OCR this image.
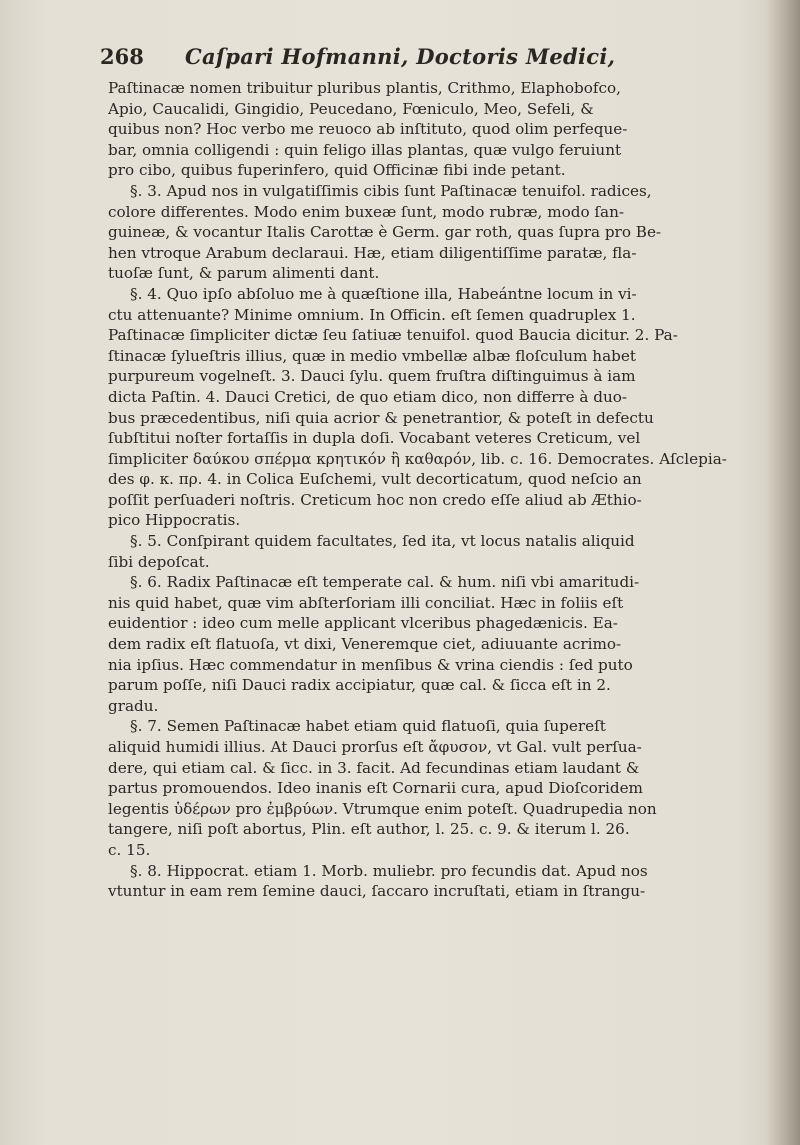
268 Caſpari Hofmanni, Doctoris Medici,
Paſtinacæ nomen tribuitur pluribus plantis, Crithmo, Elaphobofco,
Apio, Caucalidi, Gingidio, Peucedano, Fœniculo, Meo, Sefeli, &
quibus non? Hoc verbo me reuoco ab inſtituto, quod olim perfeque-
bar, omnia colligendi : quin feligo illas plantas, quæ vulgo feruiunt
pro cibo, quibus fuperinfero, quid Officinæ fibi inde petant.
§. 3. Apud nos in vulgatiſſimis cibis ſunt Paſtinacæ tenuifol. radices,
colore differentes. Modo enim buxeæ ſunt, modo rubræ, modo ſan-
guineæ, & vocantur Italis Carottæ è Germ. gar roth, quas ſupra pro Be-
hen vtroque Arabum declaraui. Hæ, etiam diligentiſſime paratæ, fla-
tuoſæ ſunt, & parum alimenti dant.
§. 4. Quo ipſo abſoluo me à quæſtione illa, Habeántne locum in vi-
ctu attenuante? Minime omnium. In Officin. eſt ſemen quadruplex 1.
Paſtinacæ ſimpliciter dictæ ſeu ſatiuæ tenuifol. quod Baucia dicitur. 2. Pa-
ſtinacæ ſylueſtris illius, quæ in medio vmbellæ albæ floſculum habet
purpureum vogelneſt. 3. Dauci ſylu. quem fruſtra diſtinguimus à iam
dicta Paſtin. 4. Dauci Cretici, de quo etiam dico, non differre à duo-
bus præcedentibus, niſi quia acrior & penetrantior, & poteſt in defectu
ſubſtitui noſter fortaſſis in dupla doſi. Vocabant veteres Creticum, vel
ſimpliciter δαύκου σπέρμα κρητικόν ἢ καθαρόν, lib. c. 16. Democrates. Aſclepia-
des φ. κ. πρ. 4. in Colica Euſchemi, vult decorticatum, quod neſcio an
poſſit perſuaderi noſtris. Creticum hoc non credo eſſe aliud ab Æthio-
pico Hippocratis.
§. 5. Conſpirant quidem facultates, ſed ita, vt locus natalis aliquid
ſibi depoſcat.
§. 6. Radix Paſtinacæ eſt temperate cal. & hum. niſi vbi amaritudi-
nis quid habet, quæ vim abſterſoriam illi conciliat. Hæc in foliis eſt
euidentior : ideo cum melle applicant vlceribus phagedænicis. Ea-
dem radix eſt flatuoſa, vt dixi, Veneremque ciet, adiuuante acrimo-
nia ipſius. Hæc commendatur in menſibus & vrina ciendis : ſed puto
parum poſſe, niſi Dauci radix accipiatur, quæ cal. & ſicca eſt in 2.
gradu.
§. 7. Semen Paſtinacæ habet etiam quid flatuoſi, quia ſupereſt
aliquid humidi illius. At Dauci prorſus eſt ἄφυσον, vt Gal. vult perſua-
dere, qui etiam cal. & ſicc. in 3. facit. Ad fecundinas etiam laudant &
partus promouendos. Ideo inanis eſt Cornarii cura, apud Dioſcoridem
legentis ὑδέρων pro ἐμβρύων. Vtrumque enim poteſt. Quadrupedia non
tangere, niſi poſt abortus, Plin. eſt author, l. 25. c. 9. & iterum l. 26.
c. 15.
§. 8. Hippocrat. etiam 1. Morb. muliebr. pro fecundis dat. Apud nos
vtuntur in eam rem ſemine dauci, ſaccaro incruſtati, etiam in ſtrangu-
